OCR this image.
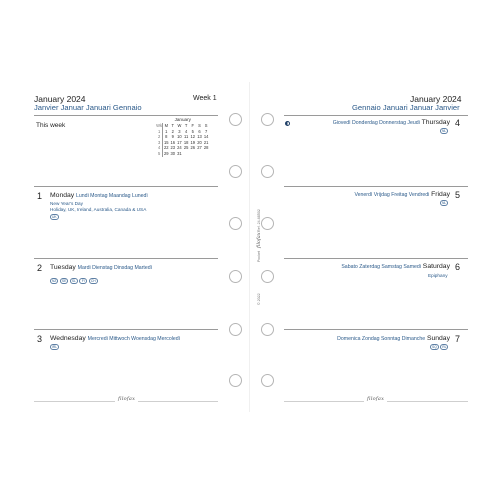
January 2024
Janvier Januar Januari Gennaio
Week 1
This week
January
Wk	M	T	W	T	F	S	S
1	1	2	3	4	5	6	7
2	8	9	10	11	12	13	14
3	15	16	17	18	19	20	21
4	22	23	24	25	26	27	28
5	29	30	31				
1 Monday Lundi Montag Maandag Lunedì
New Year's Day
Holiday, UK, Ireland, Australia, Canada & USA
UK
2 Tuesday Mardi Dienstag Dinsdag Martedì
NZ	SE	SL	FI	CH
3 Wednesday Mercredi Mittwoch Woensdag Mercoledì
IRL
filofax
January 2024
Gennaio Januari Januar Janvier
Giovedì Donderdag Donnerstag Jeudi Thursday 4
NL
Venerdì Vrijdag Freitag Vendredi Friday 5
NL
Sabato Zaterdag Samstag Samedi Saturday 6
Epiphany
Domenica Zondag Sonntag Dimanche Sunday 7
SQ	RL
filofax
Ref. 24-68502
Pocket
filofax
© 2022
